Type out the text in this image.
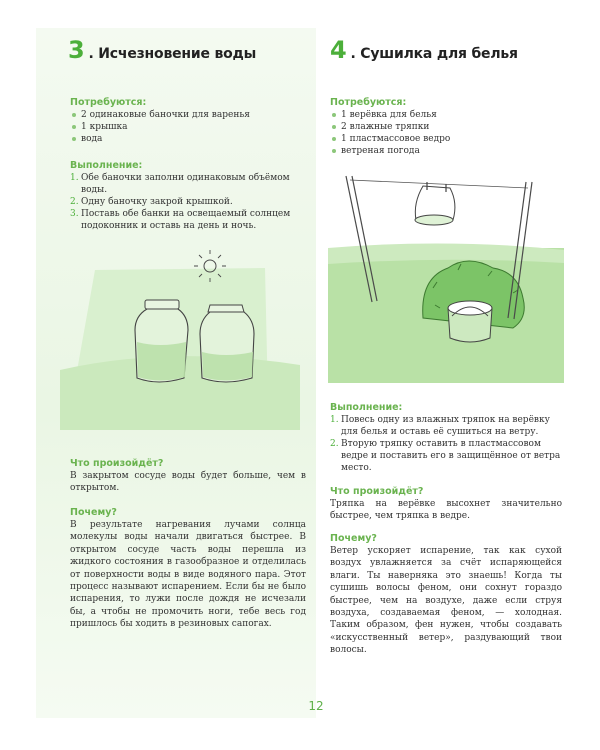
3 . Исчезновение воды
Потребуются:
2 одинаковые баночки для варенья
1 крышка
вода
Выполнение:
1. Обе баночки заполни одинаковым объёмом воды.
2. Одну баночку закрой крышкой.
3. Поставь обе банки на освещаемый солнцем подоконник и оставь на день и ночь.
Что произойдёт?
В закрытом сосуде воды будет больше, чем в открытом.
Почему?
В результате нагревания лучами солнца молекулы воды начали двигаться быстрее. В открытом сосуде часть воды перешла из жидкого состояния в газообразное и отделилась от поверхности воды в виде водяного пара. Этот процесс называют испарением. Если бы не было испарения, то лужи после дождя не исчезали бы, а чтобы не промочить ноги, тебе весь год пришлось бы ходить в резиновых сапогах.
4 . Сушилка для белья
Потребуются:
1 верёвка для белья
2 влажные тряпки
1 пластмассовое ведро
ветреная погода
Выполнение:
1. Повесь одну из влажных тряпок на верёвку для белья и оставь её сушиться на ветру.
2. Вторую тряпку оставить в пластмассовом ведре и поставить его в защищённое от ветра место.
Что произойдёт?
Тряпка на верёвке высохнет значительно быстрее, чем тряпка в ведре.
Почему?
Ветер ускоряет испарение, так как сухой воздух увлажняется за счёт испаряющейся влаги. Ты наверняка это знаешь! Когда ты сушишь волосы феном, они сохнут гораздо быстрее, чем на воздухе, даже если струя воздуха, создаваемая феном, — холодная. Таким образом, фен нужен, чтобы создавать «искусственный ветер», раздувающий твои волосы.
12
